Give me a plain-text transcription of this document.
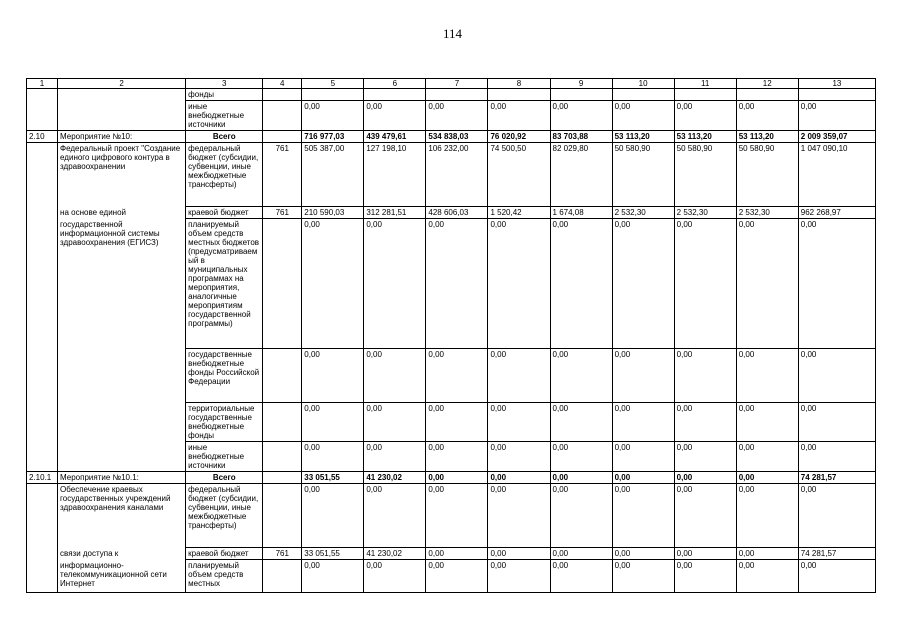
114
1	2	3	4	5	6	7	8	9	10	11	12	13
		фонды										
		иные внебюджетные источники		0,00	0,00	0,00	0,00	0,00	0,00	0,00	0,00	0,00
2.10	Мероприятие №10:	Всего		716 977,03	439 479,61	534 838,03	76 020,92	83 703,88	53 113,20	53 113,20	53 113,20	2 009 359,07
	Федеральный проект "Создание единого цифрового контура в здравоохранении	федеральный бюджет (субсидии, субвенции, иные межбюджетные трансферты)	761	505 387,00	127 198,10	106 232,00	74 500,50	82 029,80	50 580,90	50 580,90	50 580,90	1 047 090,10
	на основе единой	краевой бюджет	761	210 590,03	312 281,51	428 606,03	1 520,42	1 674,08	2 532,30	2 532,30	2 532,30	962 268,97
	государственной информационной системы здравоохранения (ЕГИСЗ)	планируемый объем средств местных бюджетов (предусматриваемый в муниципальных программах на мероприятия, аналогичные мероприятиям государственной программы)		0,00	0,00	0,00	0,00	0,00	0,00	0,00	0,00	0,00
		государственные внебюджетные фонды Российской Федерации		0,00	0,00	0,00	0,00	0,00	0,00	0,00	0,00	0,00
		территориальные государственные внебюджетные фонды		0,00	0,00	0,00	0,00	0,00	0,00	0,00	0,00	0,00
		иные внебюджетные источники		0,00	0,00	0,00	0,00	0,00	0,00	0,00	0,00	0,00
2.10.1	Мероприятие №10.1:	Всего		33 051,55	41 230,02	0,00	0,00	0,00	0,00	0,00	0,00	74 281,57
	Обеспечение краевых государственных учреждений здравоохранения каналами	федеральный бюджет (субсидии, субвенции, иные межбюджетные трансферты)		0,00	0,00	0,00	0,00	0,00	0,00	0,00	0,00	0,00
	связи доступа к	краевой бюджет	761	33 051,55	41 230,02	0,00	0,00	0,00	0,00	0,00	0,00	74 281,57
	информационно-телекоммуникационной сети Интернет	планируемый объем средств местных		0,00	0,00	0,00	0,00	0,00	0,00	0,00	0,00	0,00
